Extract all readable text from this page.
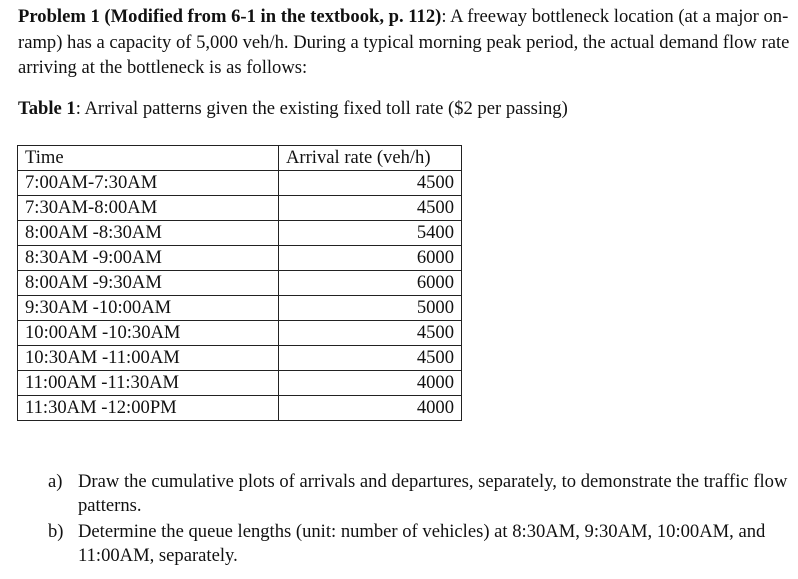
Problem 1 (Modified from 6-1 in the textbook, p. 112): A freeway bottleneck location (at a major on-ramp) has a capacity of 5,000 veh/h. During a typical morning peak period, the actual demand flow rate arriving at the bottleneck is as follows:
Table 1: Arrival patterns given the existing fixed toll rate ($2 per passing)
Time	Arrival rate (veh/h)
7:00AM-7:30AM	4500
7:30AM-8:00AM	4500
8:00AM -8:30AM	5400
8:30AM -9:00AM	6000
8:00AM -9:30AM	6000
9:30AM -10:00AM	5000
10:00AM -10:30AM	4500
10:30AM -11:00AM	4500
11:00AM -11:30AM	4000
11:30AM -12:00PM	4000
a) Draw the cumulative plots of arrivals and departures, separately, to demonstrate the traffic flow patterns.
b) Determine the queue lengths (unit: number of vehicles) at 8:30AM, 9:30AM, 10:00AM, and 11:00AM, separately.
